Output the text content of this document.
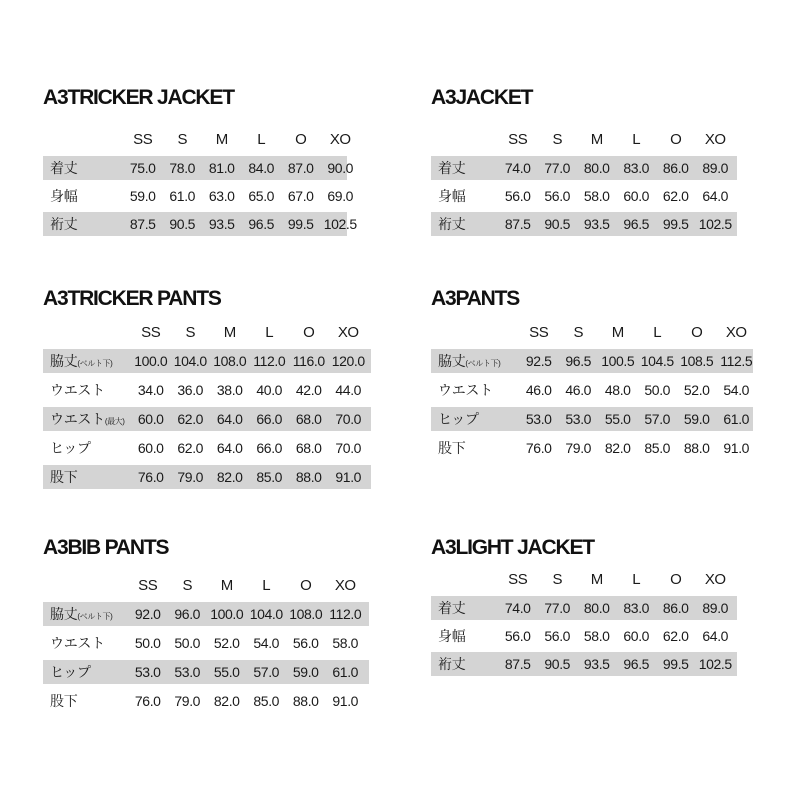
A3TRICKER JACKET
SS	S	M	L	O	XO
着丈	75.0 78.0 81.0 84.0 87.0 90.0
身幅	59.0 61.0 63.0 65.0 67.0 69.0
裄丈	87.5 90.5 93.5 96.5 99.5 102.5
A3JACKET
SS	S	M	L	O	XO
着丈	74.0 77.0 80.0 83.0 86.0 89.0
身幅	56.0 56.0 58.0 60.0 62.0 64.0
裄丈	87.5 90.5 93.5 96.5 99.5 102.5
A3TRICKER PANTS
SS	S	M	L	O	XO
脇丈(ベルト下) 100.0 104.0 108.0 112.0 116.0 120.0
ウエスト	34.0 36.0 38.0 40.0 42.0 44.0
ウエスト(最大) 60.0 62.0 64.0 66.0 68.0 70.0
ヒップ	60.0 62.0 64.0 66.0 68.0 70.0
股下	76.0 79.0 82.0 85.0 88.0 91.0
A3PANTS
SS	S	M	L	O	XO
脇丈(ベルト下)	92.5 96.5 100.5 104.5 108.5 112.5
ウエスト	46.0 46.0 48.0 50.0 52.0 54.0
ヒップ	53.0 53.0 55.0 57.0 59.0 61.0
股下	76.0 79.0 82.0 85.0 88.0 91.0
A3BIB PANTS
SS	S	M	L	O	XO
脇丈(ベルト下)	92.0 96.0 100.0 104.0 108.0 112.0
ウエスト	50.0 50.0 52.0 54.0 56.0 58.0
ヒップ	53.0 53.0 55.0 57.0 59.0 61.0
股下	76.0 79.0 82.0 85.0 88.0 91.0
A3LIGHT JACKET
SS	S	M	L	O	XO
着丈	74.0 77.0 80.0 83.0 86.0 89.0
身幅	56.0 56.0 58.0 60.0 62.0 64.0
裄丈	87.5 90.5 93.5 96.5 99.5 102.5
